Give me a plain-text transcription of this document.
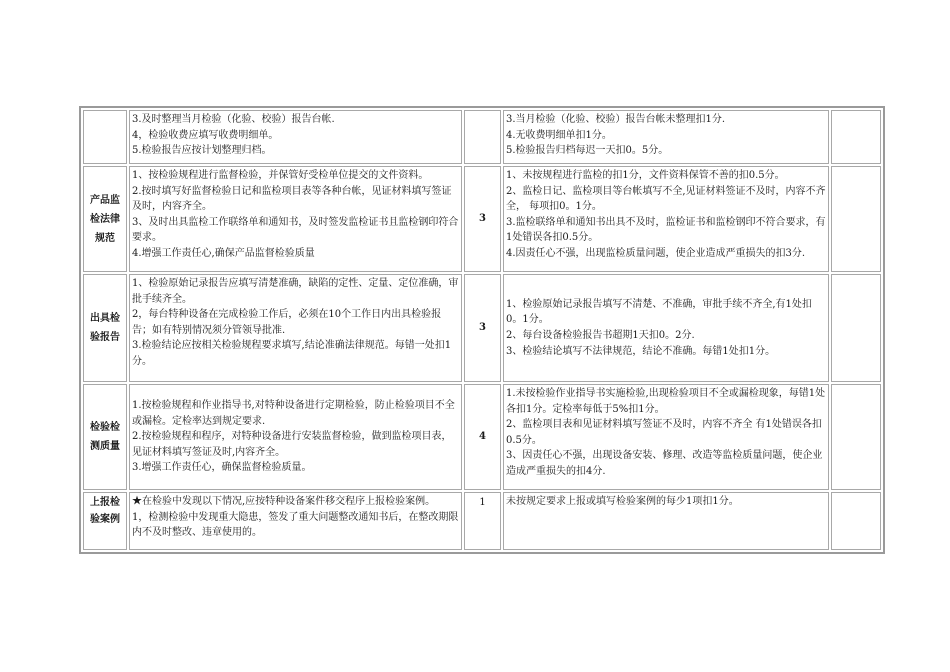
	3.及时整理当月检验（化验、校验）报告台帐.
4，检验收费应填写收费明细单。
5.检验报告应按计划整理归档。		3.当月检验（化验、校验）报告台帐未整理扣1分.
4.无收费明细单扣1分。
5.检验报告归档每迟一天扣0。5分。	

产品监检法律规范	1、按检验规程进行监督检验，并保管好受检单位提交的文件资料。
2.按时填写好监督检验日记和监检项目表等各种台帐，见证材料填写签证及时，内容齐全。
3、及时出具监检工作联络单和通知书，及时签发监检证书且监检钢印符合要求。
4.增强工作责任心,确保产品监督检验质量	3	1、未按规程进行监检的扣1分，文件资料保管不善的扣0.5分。
2、监检日记、监检项目等台帐填写不全,见证材料签证不及时，内容不齐全， 每项扣0。1分。
3.监检联络单和通知书出具不及时，监检证书和监检钢印不符合要求，有1处错误各扣0.5分。
4.因责任心不强，出现监检质量问题，使企业造成严重损失的扣3分.	

出具检验报告	1、检验原始记录报告应填写清楚准确，缺陷的定性、定量、定位准确，审批手续齐全。
2，每台特种设备在完成检验工作后，必须在10个工作日内出具检验报告；如有特别情况须分管领导批准.
3.检验结论应按相关检验规程要求填写,结论准确法律规范。每错一处扣1分。	3	1、检验原始记录报告填写不清楚、不准确，审批手续不齐全,有1处扣0。1分。
2、每台设备检验报告书超期1天扣0。2分.
3、检验结论填写不法律规范，结论不准确。每错1处扣1分。	

检验检测质量	1.按检验规程和作业指导书,对特种设备进行定期检验，防止检验项目不全或漏检。定检率达到规定要求.
2.按检验规程和程序，对特种设备进行安装监督检验，做到监检项目表，见证材料填写签证及时,内容齐全。
3.增强工作责任心，确保监督检验质量。	4	1.未按检验作业指导书实施检验,出现检验项目不全或漏检现象，每错1处各扣1分。定检率每低于5%扣1分。
2、监检项目表和见证材料填写签证不及时，内容不齐全 有1处错误各扣0.5分。
3、因责任心不强，出现设备安装、修理、改造等监检质量问题，使企业造成严重损失的扣4分.	

上报检验案例	★在检验中发现以下情况,应按特种设备案件移交程序上报检验案例。
1，检测检验中发现重大隐患，签发了重大问题整改通知书后，在整改期限内不及时整改、违章使用的。	1	未按规定要求上报或填写检验案例的每少1项扣1分。	
